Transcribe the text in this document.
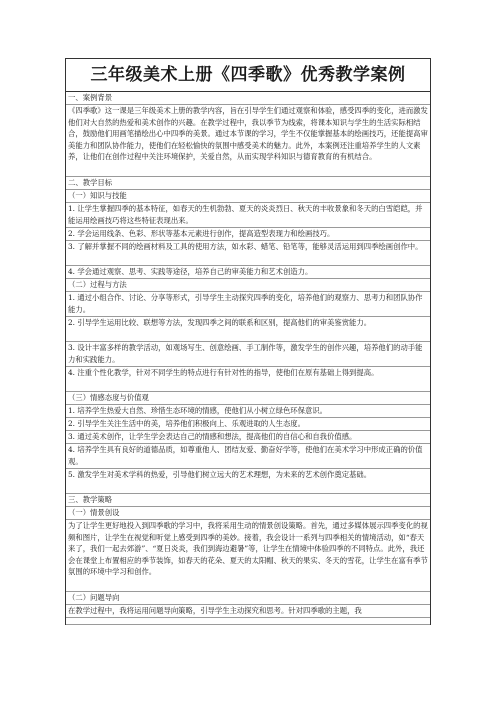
三年级美术上册《四季歌》优秀教学案例
一、案例背景
《四季歌》这一课是三年级美术上册的教学内容，旨在引导学生们通过观察和体验，感受四季的变化，进而激发他们对大自然的热爱和美术创作的兴趣。在教学过程中，我以季节为线索，将课本知识与学生的生活实际相结合，鼓励他们用画笔描绘出心中四季的美景。通过本节课的学习，学生不仅能掌握基本的绘画技巧，还能提高审美能力和团队协作能力，使他们在轻松愉快的氛围中感受美术的魅力。此外，本案例还注重培养学生的人文素养，让他们在创作过程中关注环境保护，关爱自然，从而实现学科知识与德育教育的有机结合。
二、教学目标
（一）知识与技能
1. 让学生掌握四季的基本特征，如春天的生机勃勃、夏天的炎炎烈日、秋天的丰收景象和冬天的白雪皑皑，并能运用绘画技巧将这些特征表现出来。
2. 学会运用线条、色彩、形状等基本元素进行创作，提高造型表现力和绘画技巧。
3. 了解并掌握不同的绘画材料及工具的使用方法，如水彩、蜡笔、铅笔等，能够灵活运用到四季绘画创作中。
4. 学会通过观察、思考、实践等途径，培养自己的审美能力和艺术创造力。
（二）过程与方法
1. 通过小组合作、讨论、分享等形式，引导学生主动探究四季的变化，培养他们的观察力、思考力和团队协作能力。
2. 引导学生运用比较、联想等方法，发现四季之间的联系和区别，提高他们的审美鉴赏能力。
3. 设计丰富多样的教学活动，如观场写生、创意绘画、手工制作等，激发学生的创作兴趣，培养他们的动手能力和实践能力。
4. 注重个性化教学，针对不同学生的特点进行有针对性的指导，使他们在原有基础上得到提高。
（三）情感态度与价值观
1. 培养学生热爱大自然、珍惜生态环境的情感，使他们从小树立绿色环保意识。
2. 引导学生关注生活中的美，培养他们积极向上、乐观进取的人生态度。
3. 通过美术创作，让学生学会表达自己的情感和想法，提高他们的自信心和自我价值感。
4. 培养学生具有良好的道德品质，如尊重他人、团结友爱、勤奋好学等，使他们在美术学习中形成正确的价值观。
5. 激发学生对美术学科的热爱，引导他们树立远大的艺术理想，为未来的艺术创作奠定基础。
三、教学策略
（一）情景创设
为了让学生更好地投入到四季歌的学习中，我将采用生动的情景创设策略。首先，通过多媒体展示四季变化的视频和图片，让学生在视觉和听觉上感受到四季的美妙。接着，我会设计一系列与四季相关的情境活动，如“春天来了，我们一起去郊游”、“夏日炎炎，我们到海边避暑”等，让学生在情境中体验四季的不同特点。此外，我还会在课堂上布置相应的季节装饰，如春天的花朵、夏天的太阳帽、秋天的果实、冬天的雪花，让学生在富有季节氛围的环境中学习和创作。
（二）问题导向
在教学过程中，我将运用问题导向策略，引导学生主动探究和思考。针对四季歌的主题，我
